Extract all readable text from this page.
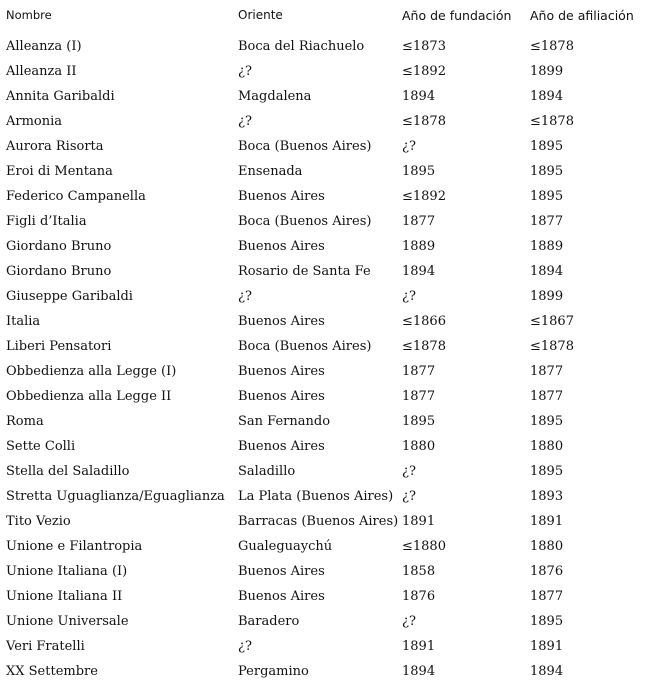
Nombre	Oriente	Año de fundación	Año de afiliación
Alleanza (I)	Boca del Riachuelo	≤1873	≤1878
Alleanza II	¿?	≤1892	1899
Annita Garibaldi	Magdalena	1894	1894
Armonia	¿?	≤1878	≤1878
Aurora Risorta	Boca (Buenos Aires)	¿?	1895
Eroi di Mentana	Ensenada	1895	1895
Federico Campanella	Buenos Aires	≤1892	1895
Figli d’Italia	Boca (Buenos Aires)	1877	1877
Giordano Bruno	Buenos Aires	1889	1889
Giordano Bruno	Rosario de Santa Fe	1894	1894
Giuseppe Garibaldi	¿?	¿?	1899
Italia	Buenos Aires	≤1866	≤1867
Liberi Pensatori	Boca (Buenos Aires)	≤1878	≤1878
Obbedienza alla Legge (I)	Buenos Aires	1877	1877
Obbedienza alla Legge II	Buenos Aires	1877	1877
Roma	San Fernando	1895	1895
Sette Colli	Buenos Aires	1880	1880
Stella del Saladillo	Saladillo	¿?	1895
Stretta Uguaglianza/Eguaglianza	La Plata (Buenos Aires)	¿?	1893
Tito Vezio	Barracas (Buenos Aires)	1891	1891
Unione e Filantropia	Gualeguaychú	≤1880	1880
Unione Italiana (I)	Buenos Aires	1858	1876
Unione Italiana II	Buenos Aires	1876	1877
Unione Universale	Baradero	¿?	1895
Veri Fratelli	¿?	1891	1891
XX Settembre	Pergamino	1894	1894
